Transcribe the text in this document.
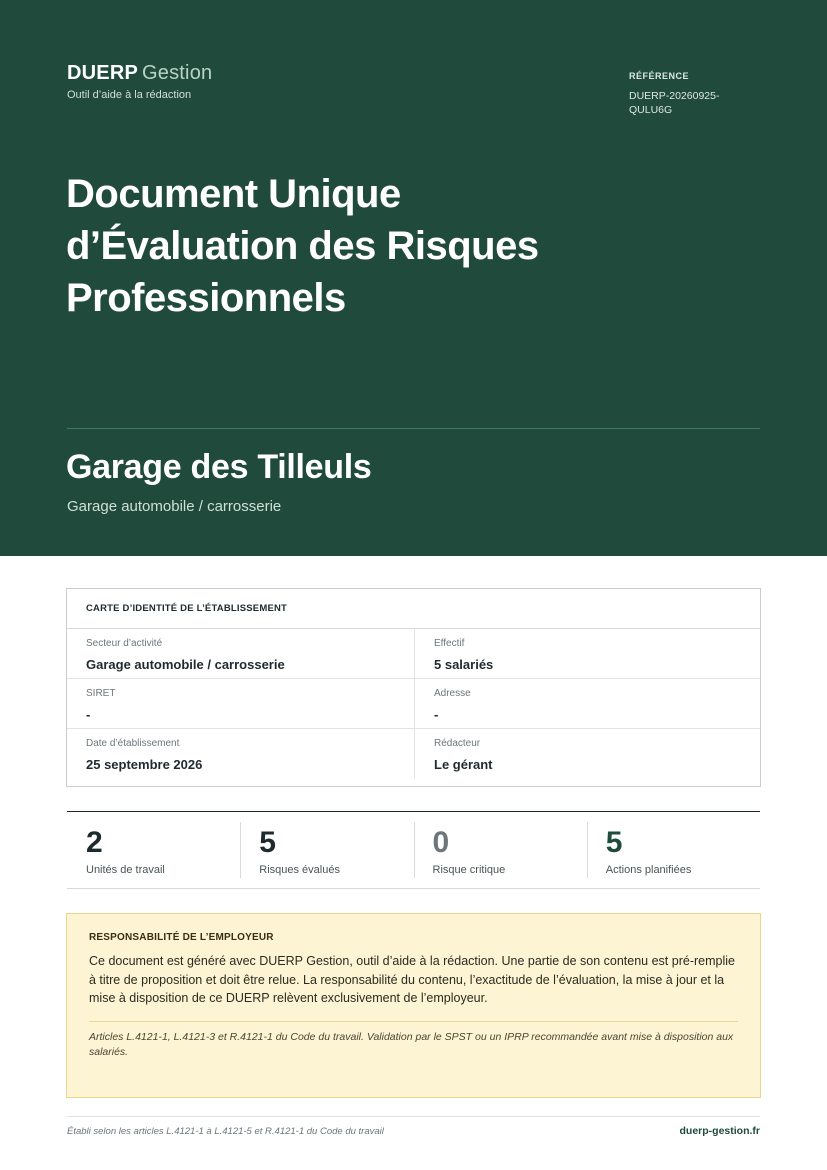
DUERP Gestion
Outil d’aide à la rédaction
RÉFÉRENCE
DUERP-20260925-QULU6G
Document Unique
d’Évaluation des Risques
Professionnels
Garage des Tilleuls
Garage automobile / carrosserie
CARTE D’IDENTITÉ DE L’ÉTABLISSEMENT
Secteur d’activité
Garage automobile / carrosserie
Effectif
5 salariés
SIRET
-
Adresse
-
Date d’établissement
25 septembre 2026
Rédacteur
Le gérant
2
Unités de travail
5
Risques évalués
0
Risque critique
5
Actions planifiées
RESPONSABILITÉ DE L’EMPLOYEUR

Ce document est généré avec DUERP Gestion, outil d’aide à la rédaction. Une partie de son contenu est pré-remplie à titre de proposition et doit être relue. La responsabilité du contenu, l’exactitude de l’évaluation, la mise à jour et la mise à disposition de ce DUERP relèvent exclusivement de l’employeur.

Articles L.4121-1, L.4121-3 et R.4121-1 du Code du travail. Validation par le SPST ou un IPRP recommandée avant mise à disposition aux salariés.

Établi selon les articles L.4121-1 à L.4121-5 et R.4121-1 du Code du travail	duerp-gestion.fr
